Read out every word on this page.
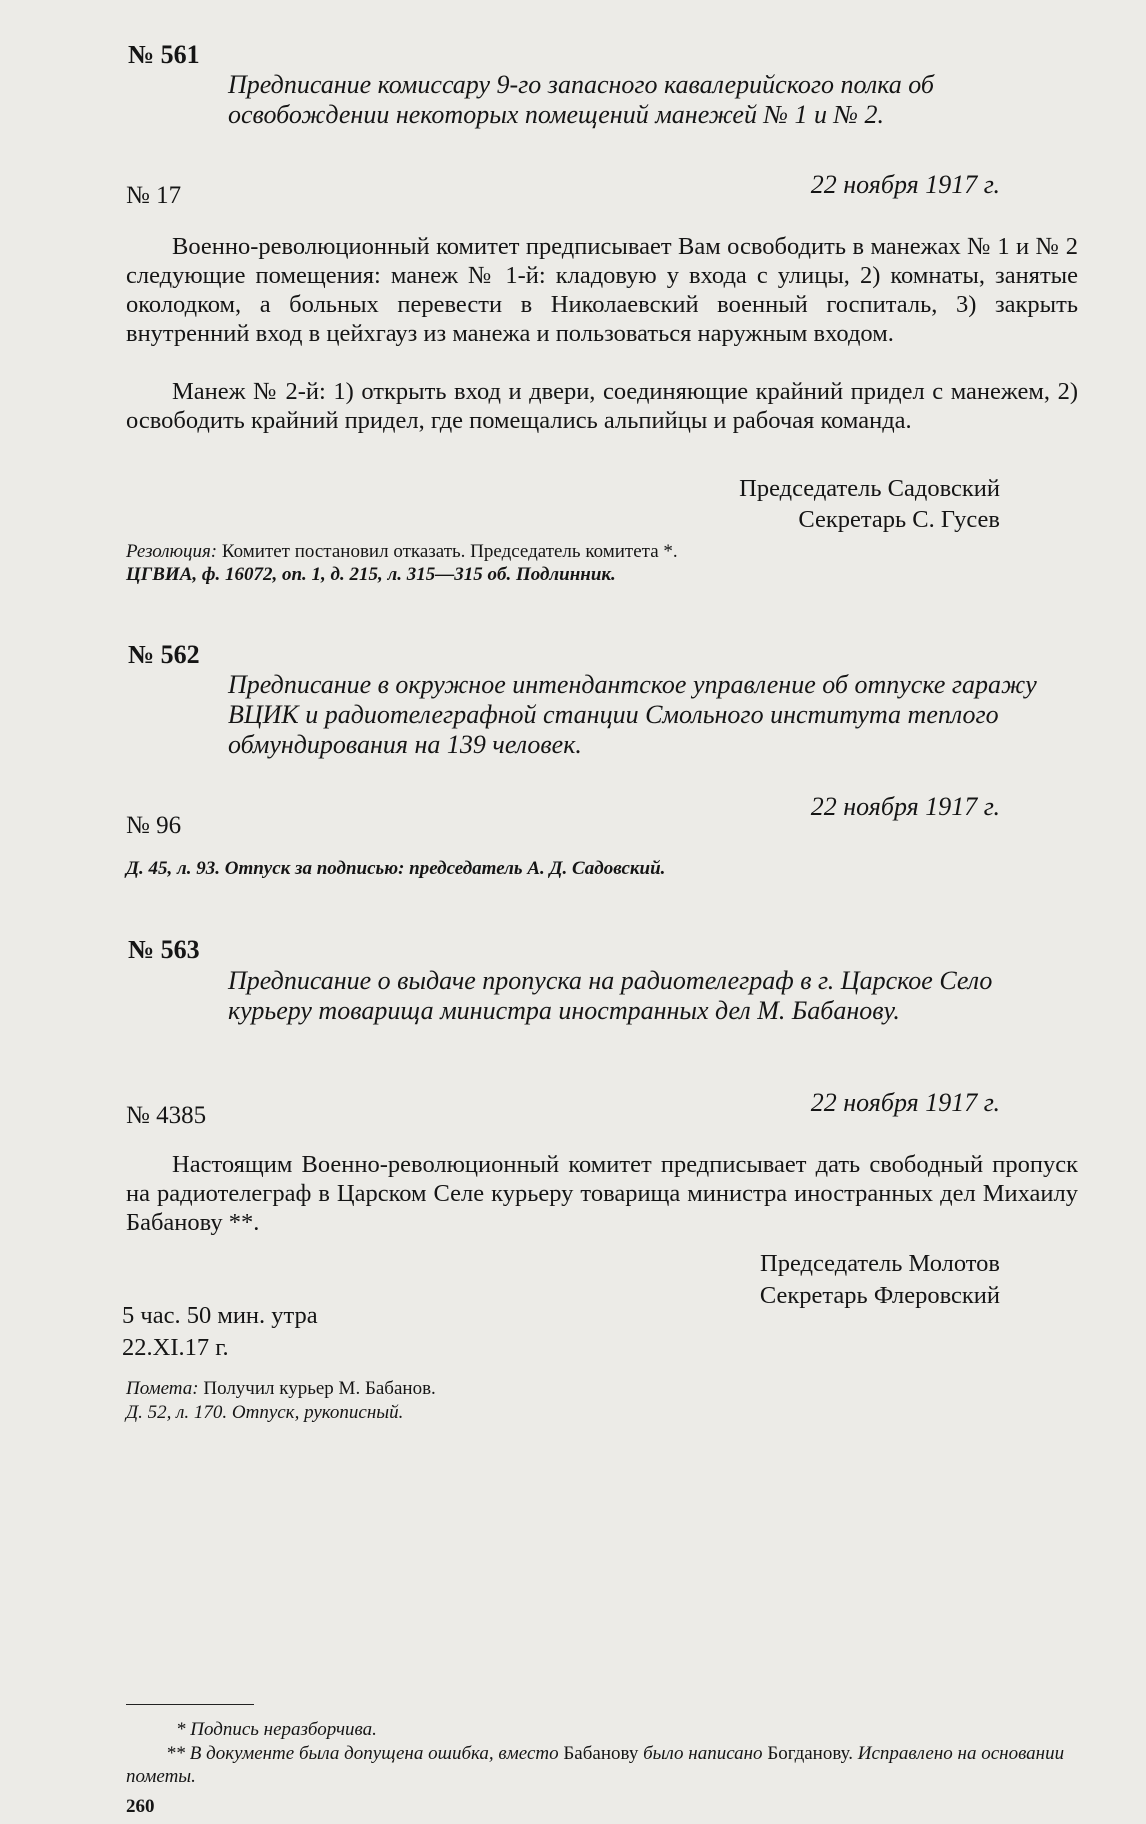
№ 561
Предписание комиссару 9-го запасного кавалерийского полка об освобождении некоторых помещений манежей № 1 и № 2.
№ 17	22 ноября 1917 г.
Военно-революционный комитет предписывает Вам освободить в манежах № 1 и № 2 следующие помещения: манеж № 1-й: кладовую у входа с улицы, 2) комнаты, занятые околодком, а больных перевести в Николаевский военный госпиталь, 3) закрыть внутренний вход в цейхгауз из манежа и пользоваться наружным входом.
Манеж № 2-й: 1) открыть вход и двери, соединяющие крайний придел с манежем, 2) освободить крайний придел, где помещались альпийцы и рабочая команда.
Председатель Садовский
Секретарь С. Гусев
Резолюция: Комитет постановил отказать. Председатель комитета *.
ЦГВИА, ф. 16072, оп. 1, д. 215, л. 315—315 об. Подлинник.
№ 562
Предписание в окружное интендантское управление об отпуске гаражу ВЦИК и радиотелеграфной станции Смольного института теплого обмундирования на 139 человек.
22 ноября 1917 г.
№ 96
Д. 45, л. 93. Отпуск за подписью: председатель А. Д. Садовский.
№ 563
Предписание о выдаче пропуска на радиотелеграф в г. Царское Село курьеру товарища министра иностранных дел М. Бабанову.
22 ноября 1917 г.
№ 4385
Настоящим Военно-революционный комитет предписывает дать свободный пропуск на радиотелеграф в Царском Селе курьеру товарища министра иностранных дел Михаилу Бабанову **.
Председатель Молотов
Секретарь Флеровский
5 час. 50 мин. утра
22.XI.17 г.
Помета: Получил курьер М. Бабанов.
Д. 52, л. 170. Отпуск, рукописный.
* Подпись неразборчива.
** В документе была допущена ошибка, вместо Бабанову было написано Богданову. Исправлено на основании пометы.
260
